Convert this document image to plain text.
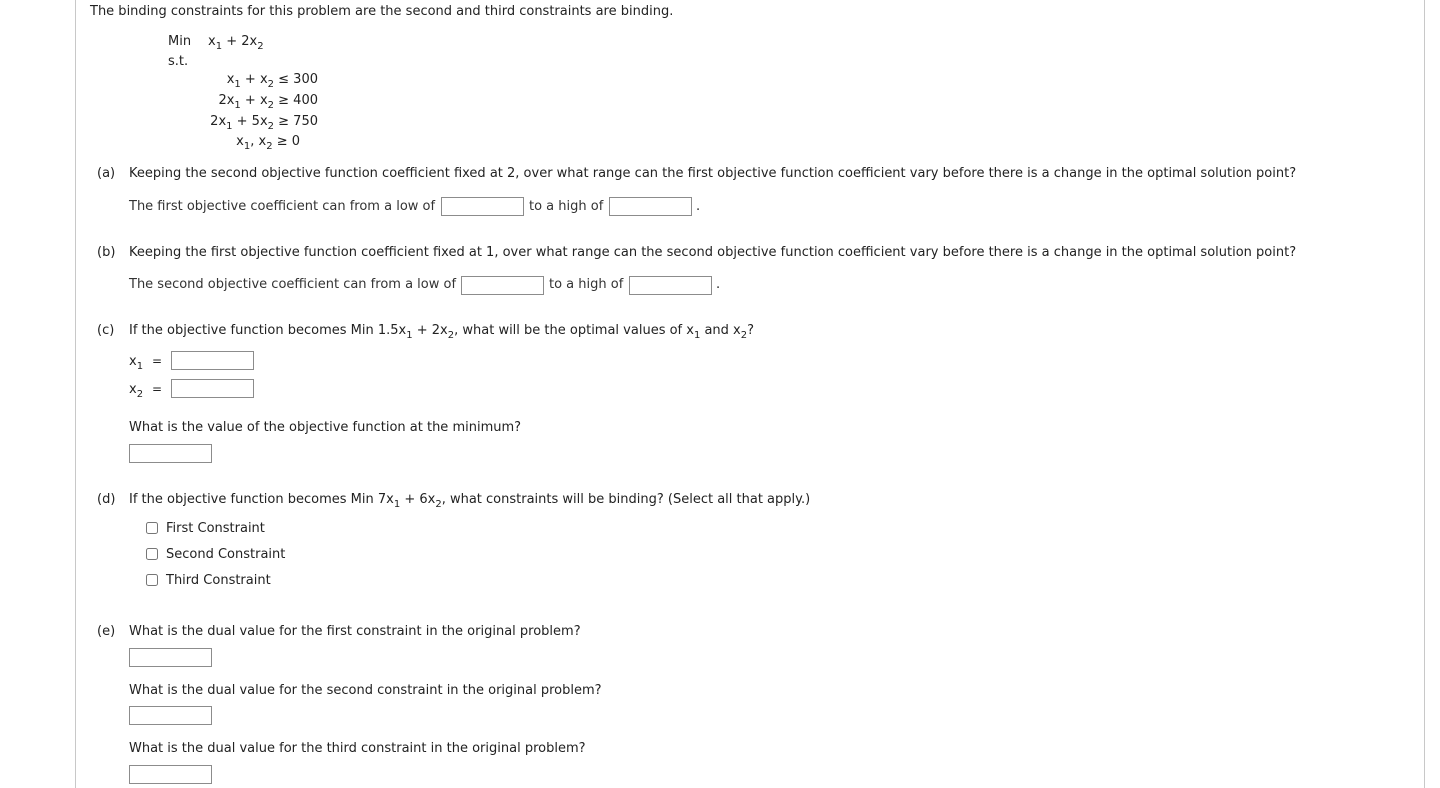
The binding constraints for this problem are the second and third constraints are binding.
Min $x_1 + 2x_2$
s.t.
$x_1 + x_2 \le 300$
$2x_1 + x_2 \ge 400$
$2x_1 + 5x_2 \ge 750$
$x_1$, $x_2 \ge 0$
(a) Keeping the second objective function coefficient fixed at 2, over what range can the first objective function coefficient vary before there is a change in the optimal solution point?
The first objective coefficient can from a low of	to a high of	.
(b) Keeping the first objective function coefficient fixed at 1, over what range can the second objective function coefficient vary before there is a change in the optimal solution point?
The second objective coefficient can from a low of	to a high of	.
(c) If the objective function becomes Min $1.5x_1 + 2x_2$, what will be the optimal values of $x_1$ and $x_2$?
$x_1$ =
$x_2$ =
What is the value of the objective function at the minimum?
(d) If the objective function becomes Min $7x_1 + 6x_2$, what constraints will be binding? (Select all that apply.)
First Constraint
Second Constraint
Third Constraint
(e) What is the dual value for the first constraint in the original problem?
What is the dual value for the second constraint in the original problem?
What is the dual value for the third constraint in the original problem?
